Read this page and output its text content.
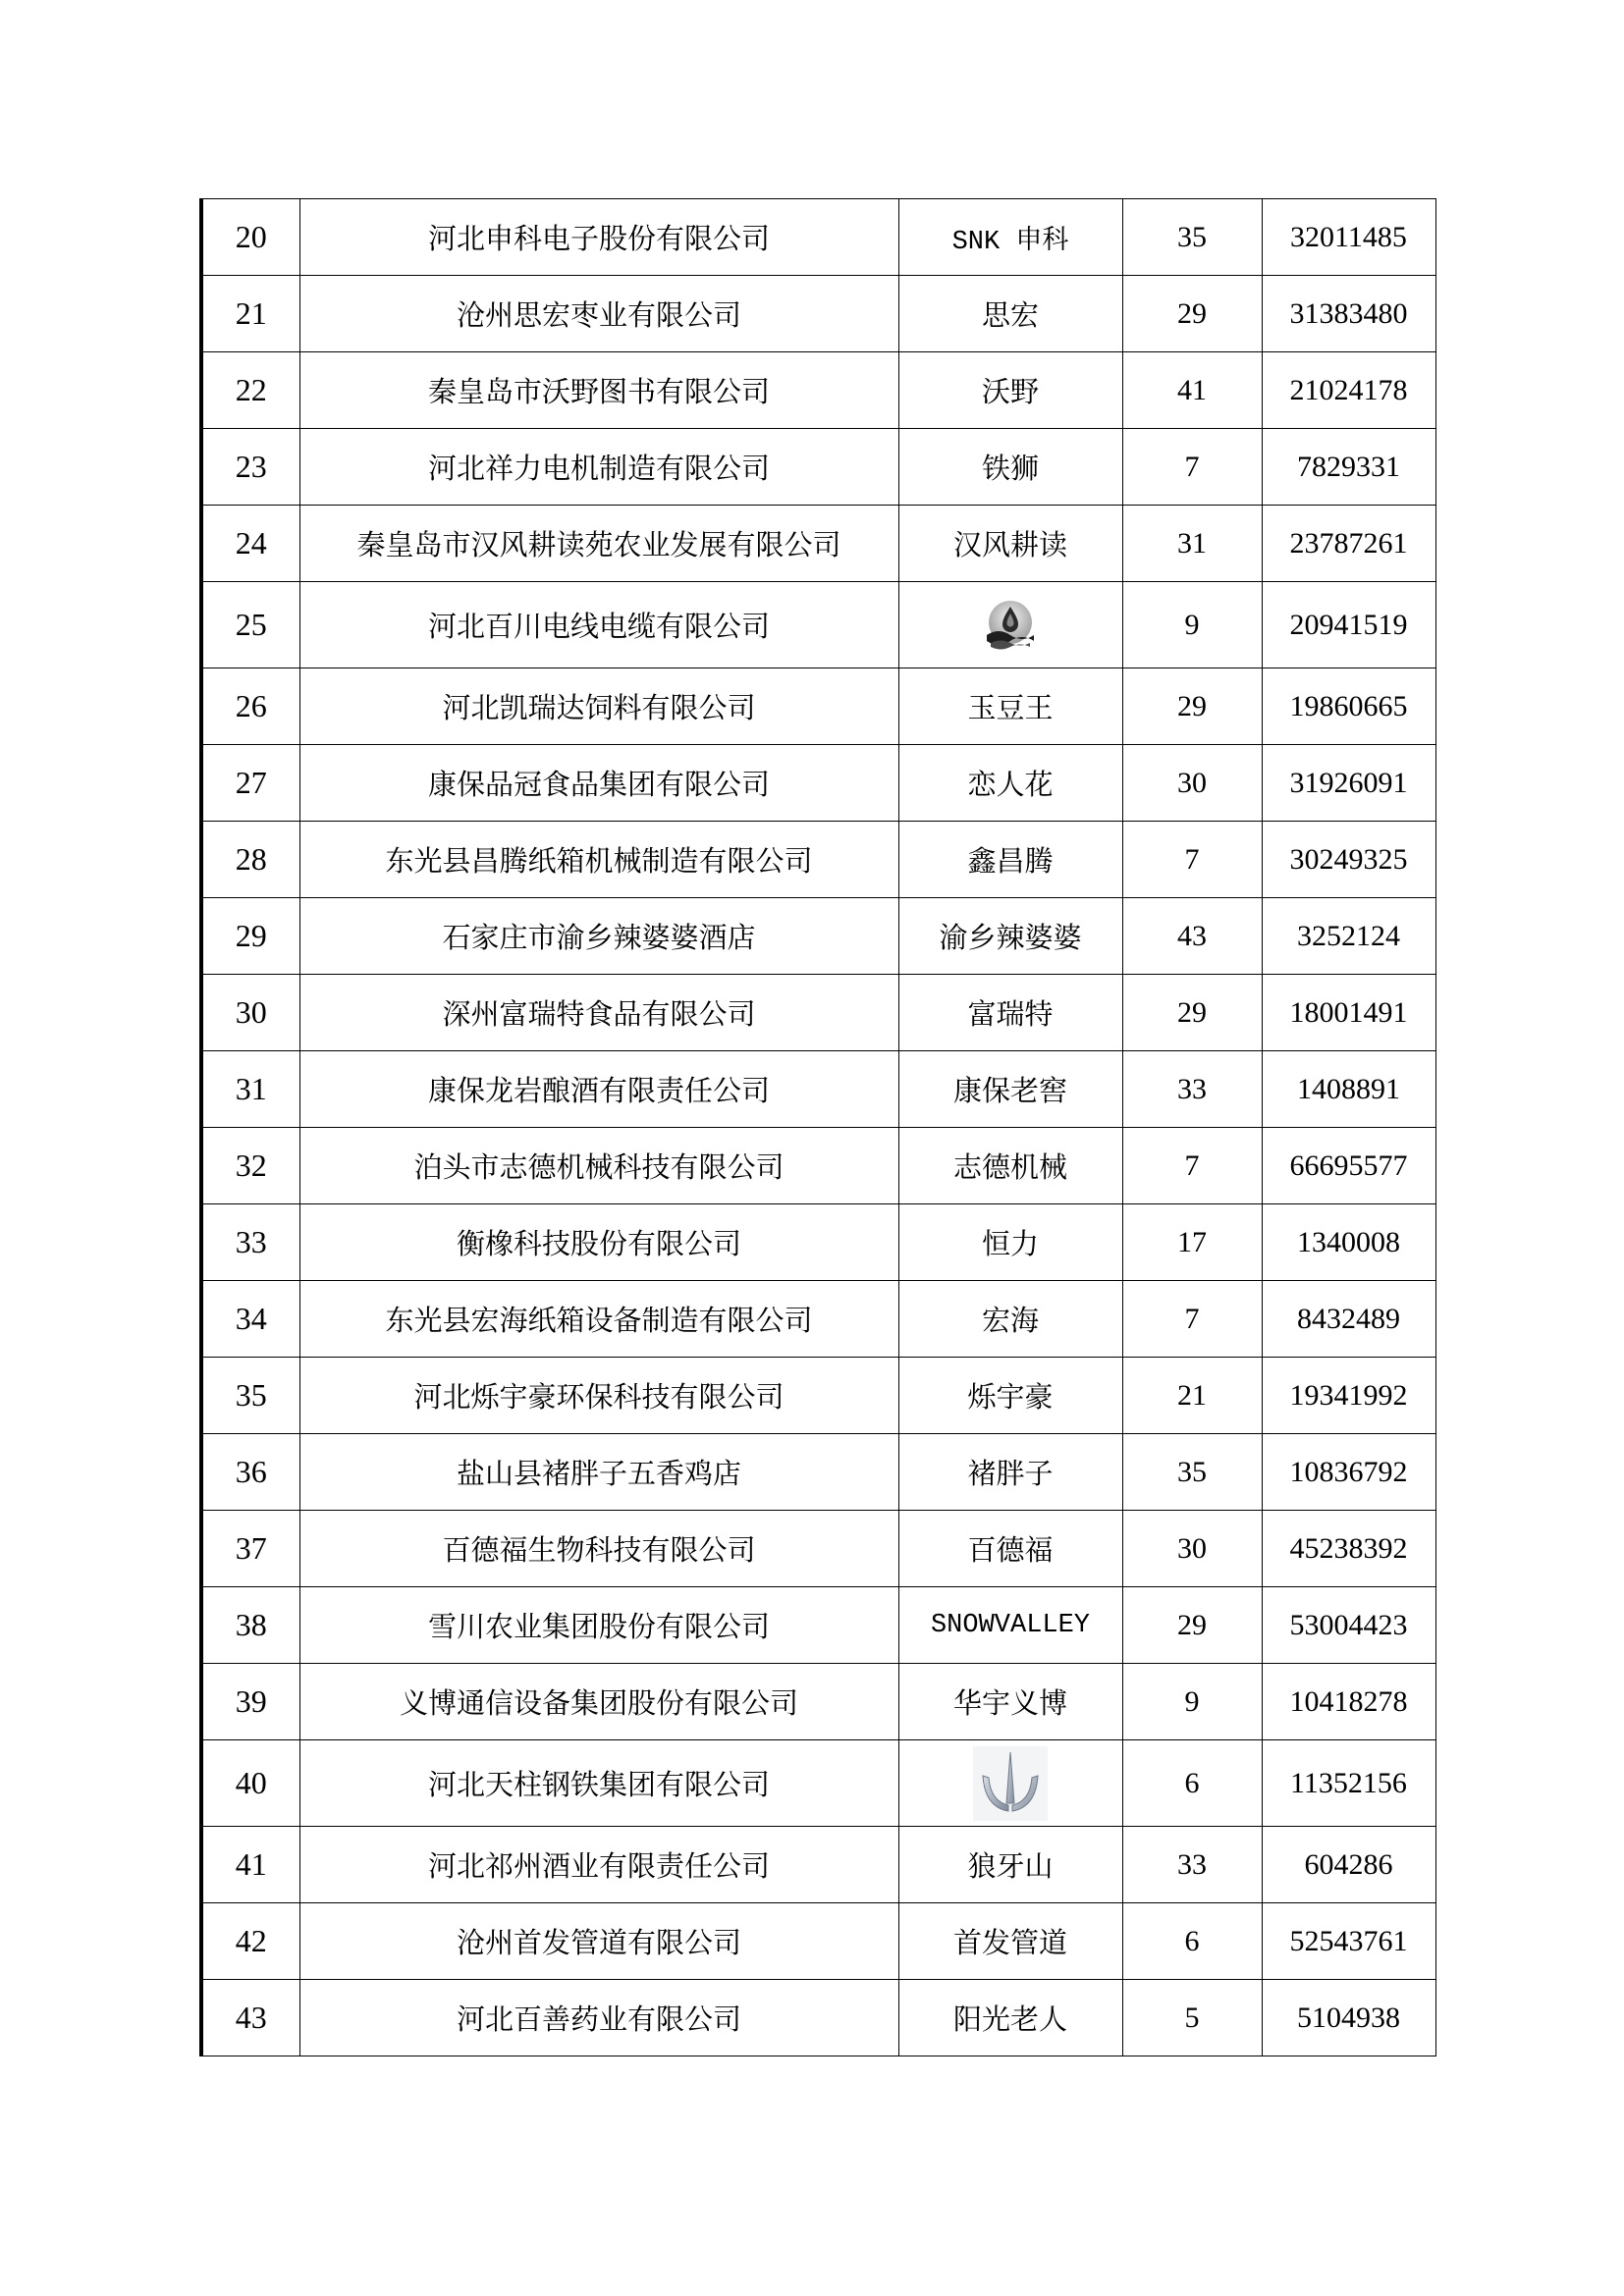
20	河北申科电子股份有限公司	SNK 申科	35	32011485
21	沧州思宏枣业有限公司	思宏	29	31383480
22	秦皇岛市沃野图书有限公司	沃野	41	21024178
23	河北祥力电机制造有限公司	铁狮	7	7829331
24	秦皇岛市汉风耕读苑农业发展有限公司	汉风耕读	31	23787261
25	河北百川电线电缆有限公司		9	20941519
26	河北凯瑞达饲料有限公司	玉豆王	29	19860665
27	康保品冠食品集团有限公司	恋人花	30	31926091
28	东光县昌腾纸箱机械制造有限公司	鑫昌腾	7	30249325
29	石家庄市渝乡辣婆婆酒店	渝乡辣婆婆	43	3252124
30	深州富瑞特食品有限公司	富瑞特	29	18001491
31	康保龙岩酿酒有限责任公司	康保老窖	33	1408891
32	泊头市志德机械科技有限公司	志德机械	7	66695577
33	衡橡科技股份有限公司	恒力	17	1340008
34	东光县宏海纸箱设备制造有限公司	宏海	7	8432489
35	河北烁宇豪环保科技有限公司	烁宇豪	21	19341992
36	盐山县褚胖子五香鸡店	褚胖子	35	10836792
37	百德福生物科技有限公司	百德福	30	45238392
38	雪川农业集团股份有限公司	SNOWVALLEY	29	53004423
39	义博通信设备集团股份有限公司	华宇义博	9	10418278
40	河北天柱钢铁集团有限公司		6	11352156
41	河北祁州酒业有限责任公司	狼牙山	33	604286
42	沧州首发管道有限公司	首发管道	6	52543761
43	河北百善药业有限公司	阳光老人	5	5104938
